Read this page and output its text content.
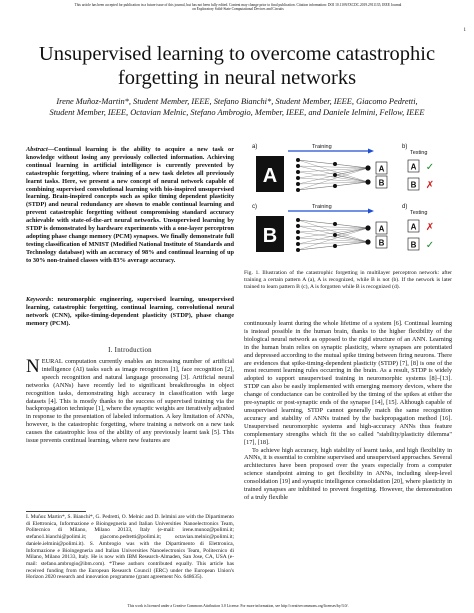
This article has been accepted for publication in a future issue of this journal, but has not been fully edited. Content may change prior to final publication. Citation information: DOI 10.1109/JXCDC.2019.2911135, IEEE Journal
on Exploratory Solid-State Computational Devices and Circuits
1
Unsupervised learning to overcome catastrophic forgetting in neural networks
Irene Muñoz-Martin*, Student Member, IEEE, Stefano Bianchi*, Student Member, IEEE, Giacomo Pedretti,
Student Member, IEEE, Octavian Melnic, Stefano Ambrogio, Member, IEEE, and Daniele Ielmini, Fellow, IEEE
Abstract—Continual learning is the ability to acquire a new task or knowledge without losing any previously collected information. Achieving continual learning in artificial intelligence is currently prevented by catastrophic forgetting, where training of a new task deletes all previously learnt tasks. Here, we present a new concept of neural network capable of combining supervised convolutional learning with bio-inspired unsupervised learning. Brain-inspired concepts such as spike timing dependent plasticity (STDP) and neural redundancy are shown to enable continual learning and prevent catastrophic forgetting without compromising standard accuracy achievable with state-of-the-art neural networks. Unsupervised learning by STDP is demonstrated by hardware experiments with a one-layer perceptron adopting phase change memory (PCM) synapses. We finally demonstrate full testing classification of MNIST (Modified National Institute of Standards and Technology database) with an accuracy of 98% and continual learning of up to 30% non-trained classes with 83% average accuracy.
Keywords: neuromorphic engineering, supervised learning, unsupervised learning, catastrophic forgetting, continual learning, convolutional neural network (CNN), spike-timing-dependent plasticity (STDP), phase change memory (PCM).
I. Introduction
NEURAL computation currently enables an increasing number of artificial intelligence (AI) tasks such as image recognition [1], face recognition [2], speech recognition and natural language processing [3]. Artificial neural networks (ANNs) have recently led to significant breakthroughs in object recognition tasks, demonstrating high accuracy in classification with large datasets [4]. This is mostly thanks to the success of supervised training via the backpropagation technique [1], where the synaptic weights are iteratively adjusted in response to the presentation of labeled information. A key limitation of ANNs, however, is the catastrophic forgetting, where training a network on a new task causes the catastrophic loss of the ability of any previously learnt task [5]. This issue prevents continual learning, where new features are
I. Muñoz Martin*, S. Bianchi*, G. Pedretti, O. Melnic and D. Ielmini are with the Dipartimento di Elettronica, Informazione e Bioingegneria and Italian Universities Nanoelectronics Team, Politecnico di Milano, Milano 20133, Italy (e-mail: irene.munoz@polimi.it; stefano1.bianchi@polimi.it; giacomo.pedretti@polimi.it; octavian.melnic@polimi.it; daniele.ielmini@polimi.it). S. Ambrogio was with the Dipartimento di Elettronica, Informazione e Bioingegneria and Italian Universities Nanoelectronics Team, Politecnico di Milano, Milano 20133, Italy. He is now with IBM Research-Almaden, San Jose, CA, USA (e-mail: stefano.ambrogio@ibm.com). *These authors contributed equally. This article has received funding from the European Research Council (ERC) under the European Union's Horizon 2020 research and innovation programme (grant agreement No. 648635).
a)	b)
c)	d)
Training
Training
Testing
Testing
A
B
A
B
A
B
A ✓
B ✗
A ✗
B ✓
Fig. 1. Illustration of the catastrophic forgetting in multilayer perceptron network: after training a certain pattern A (a), A is recognized, while B is not (b). If the network is later trained to learn pattern B (c), A is forgotten while B is recognized (d).

continuously learnt during the whole lifetime of a system [6]. Continual learning is instead possible in the human brain, thanks to the higher flexibility of the biological neural network as opposed to the rigid structure of an ANN. Learning in the human brain relies on synaptic plasticity, where synapses are potentiated and depressed according to the mutual spike timing between firing neurons. There are evidences that spike-timing-dependent plasticity (STDP) [7], [8] is one of the most recurrent learning rules occurring in the brain. As a result, STDP is widely adopted to support unsupervised training in neuromorphic systems [8]–[13]. STDP can also be easily implemented with emerging memory devices, where the change of conductance can be controlled by the timing of the spikes at either the pre-synaptic or post-synaptic ends of the synapse [14], [15]. Although capable of unsupervised learning, STDP cannot generally match the same recognition accuracy and stability of ANNs trained by the backpropagation method [16]. Unsupervised neuromorphic systems and high-accuracy ANNs thus feature complementary strengths which fit the so called "stability/plasticity dilemma" [17], [18].

To achieve high accuracy, high stability of learnt tasks, and high flexibility in ANNs, it is essential to combine supervised and unsupervised approaches. Several architectures have been proposed over the years especially from a computer science standpoint aiming to get flexibility in ANNs, including sleep-level consolidation [19] and synaptic intelligence consolidation [20], where plasticity in trained synapses are inhibited to prevent forgetting. However, the demonstration of a truly flexible

This work is licensed under a Creative Commons Attribution 3.0 License. For more information, see http://creativecommons.org/licenses/by/3.0/.
